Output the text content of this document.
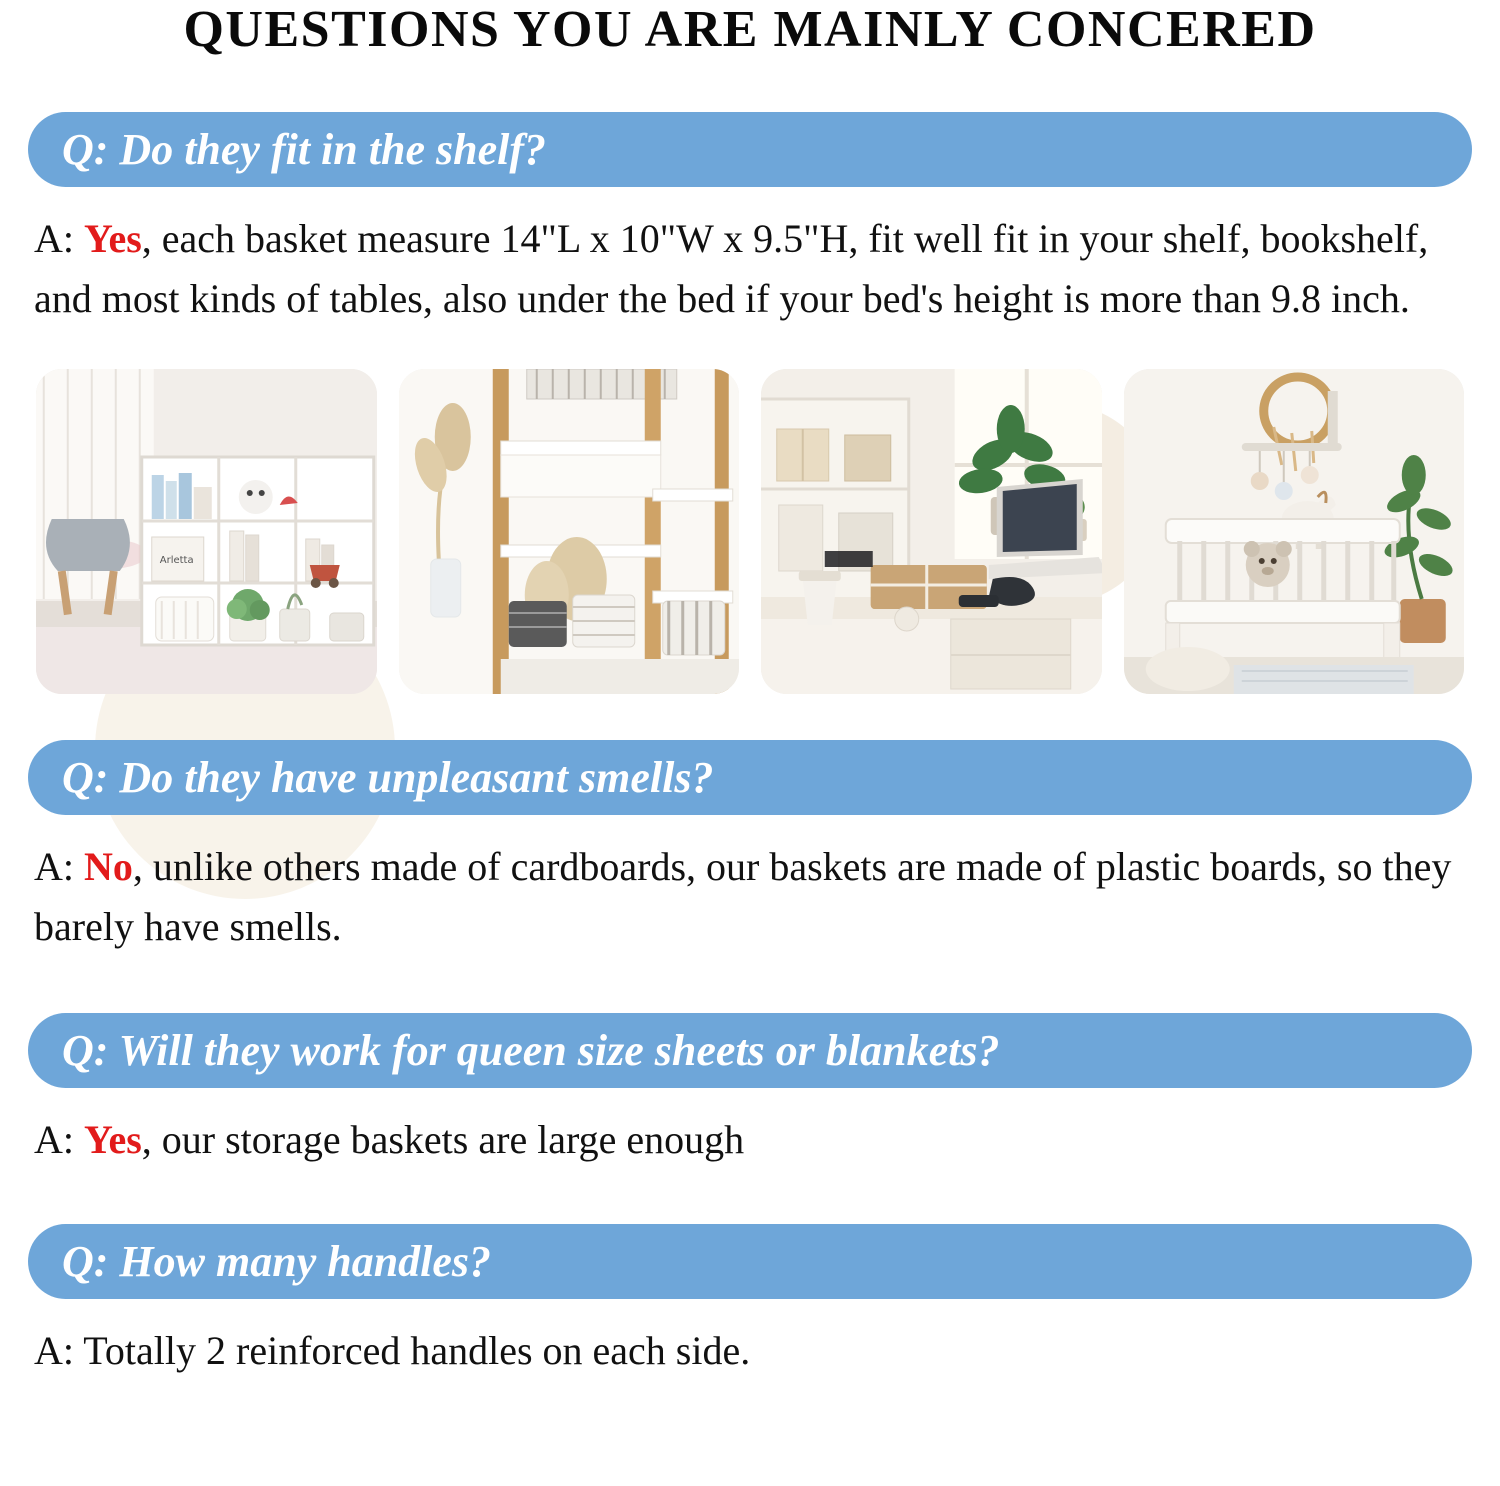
QUESTIONS YOU ARE MAINLY CONCERED
Q: Do they fit in the shelf?

A: Yes, each basket measure 14"L x 10"W x 9.5"H, fit well fit in your shelf, bookshelf, and most kinds of tables, also under the bed if your bed's height is more than 9.8 inch.

Arletta
Q: Do they have unpleasant smells?

A: No, unlike others made of cardboards, our baskets are made of plastic boards, so they barely have smells.

Q: Will they work for queen size sheets or blankets?

A: Yes, our storage baskets are large enough

Q: How many handles?

A: Totally 2 reinforced handles on each side.
